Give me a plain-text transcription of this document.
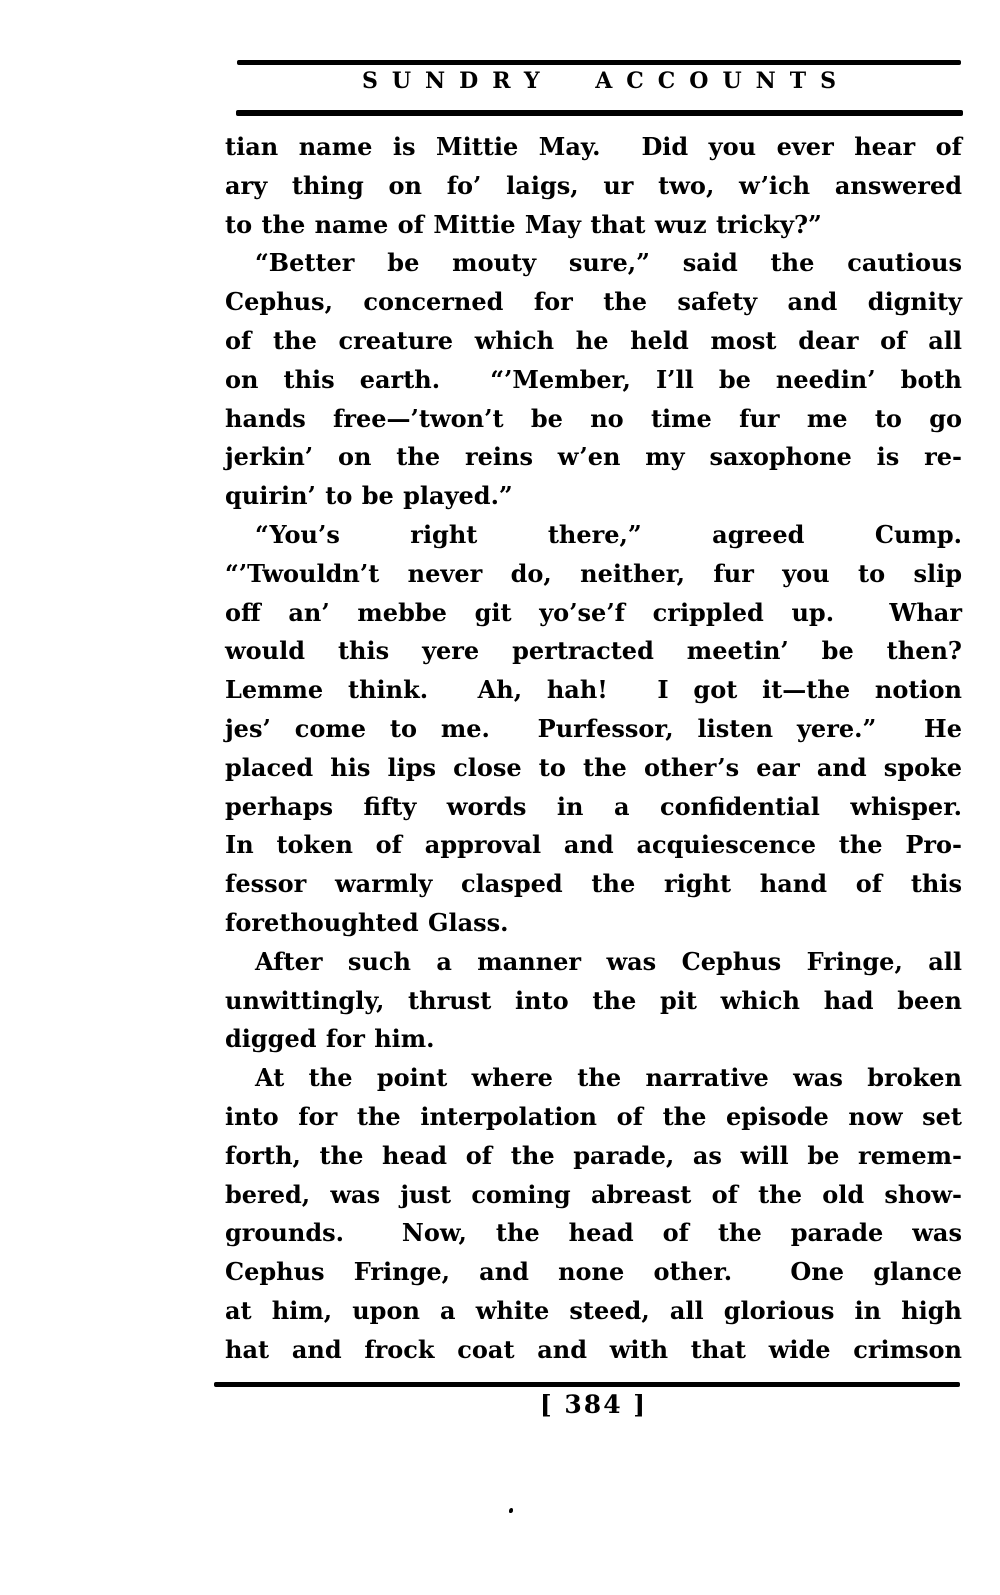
SUNDRY ACCOUNTS

tian name is Mittie May.  Did you ever hear of
ary thing on fo’ laigs, ur two, w’ich answered
to the name of Mittie May that wuz tricky?”

“Better be mouty sure,” said the cautious
Cephus, concerned for the safety and dignity
of the creature which he held most dear of all
on this earth.  “’Member, I’ll be needin’ both
hands free—’twon’t be no time fur me to go
jerkin’ on the reins w’en my saxophone is re-
quirin’ to be played.”

“You’s right there,” agreed Cump.
“’Twouldn’t never do, neither, fur you to slip
off an’ mebbe git yo’se’f crippled up.  Whar
would this yere pertracted meetin’ be then?
Lemme think.  Ah, hah!  I got it—the notion
jes’ come to me.  Purfessor, listen yere.”  He
placed his lips close to the other’s ear and spoke
perhaps fifty words in a confidential whisper.
In token of approval and acquiescence the Pro-
fessor warmly clasped the right hand of this
forethoughted Glass.

After such a manner was Cephus Fringe, all
unwittingly, thrust into the pit which had been
digged for him.

At the point where the narrative was broken
into for the interpolation of the episode now set
forth, the head of the parade, as will be remem-
bered, was just coming abreast of the old show-
grounds.  Now, the head of the parade was
Cephus Fringe, and none other.  One glance
at him, upon a white steed, all glorious in high
hat and frock coat and with that wide crimson

[ 384 ]
